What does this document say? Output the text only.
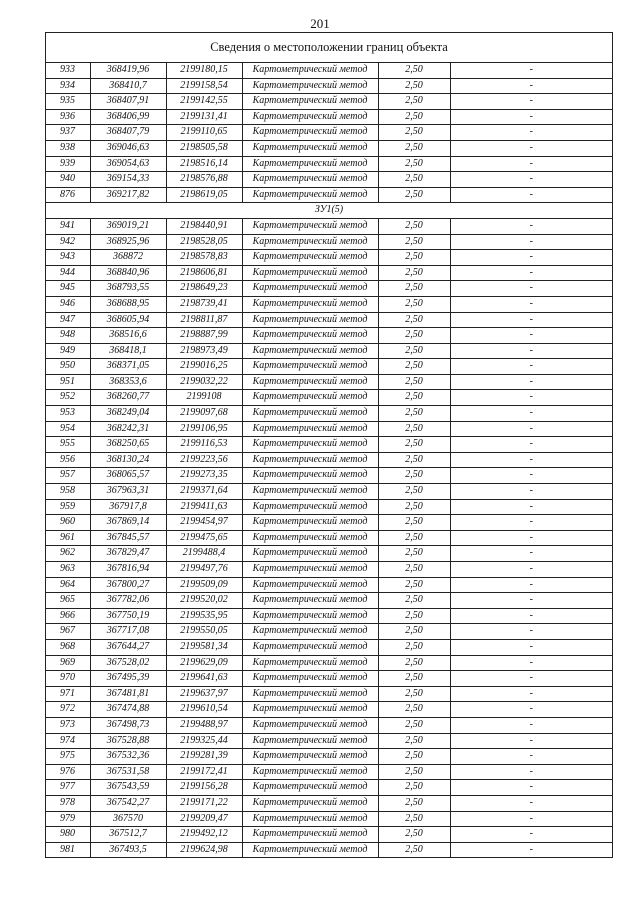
201
Сведения о местоположении границ объекта
933	368419,96	2199180,15	Картометрический метод	2,50	-
934	368410,7	2199158,54	Картометрический метод	2,50	-
935	368407,91	2199142,55	Картометрический метод	2,50	-
936	368406,99	2199131,41	Картометрический метод	2,50	-
937	368407,79	2199110,65	Картометрический метод	2,50	-
938	369046,63	2198505,58	Картометрический метод	2,50	-
939	369054,63	2198516,14	Картометрический метод	2,50	-
940	369154,33	2198576,88	Картометрический метод	2,50	-
876	369217,82	2198619,05	Картометрический метод	2,50	-
ЗУ1(5)					
941	369019,21	2198440,91	Картометрический метод	2,50	-
942	368925,96	2198528,05	Картометрический метод	2,50	-
943	368872	2198578,83	Картометрический метод	2,50	-
944	368840,96	2198606,81	Картометрический метод	2,50	-
945	368793,55	2198649,23	Картометрический метод	2,50	-
946	368688,95	2198739,41	Картометрический метод	2,50	-
947	368605,94	2198811,87	Картометрический метод	2,50	-
948	368516,6	2198887,99	Картометрический метод	2,50	-
949	368418,1	2198973,49	Картометрический метод	2,50	-
950	368371,05	2199016,25	Картометрический метод	2,50	-
951	368353,6	2199032,22	Картометрический метод	2,50	-
952	368260,77	2199108	Картометрический метод	2,50	-
953	368249,04	2199097,68	Картометрический метод	2,50	-
954	368242,31	2199106,95	Картометрический метод	2,50	-
955	368250,65	2199116,53	Картометрический метод	2,50	-
956	368130,24	2199223,56	Картометрический метод	2,50	-
957	368065,57	2199273,35	Картометрический метод	2,50	-
958	367963,31	2199371,64	Картометрический метод	2,50	-
959	367917,8	2199411,63	Картометрический метод	2,50	-
960	367869,14	2199454,97	Картометрический метод	2,50	-
961	367845,57	2199475,65	Картометрический метод	2,50	-
962	367829,47	2199488,4	Картометрический метод	2,50	-
963	367816,94	2199497,76	Картометрический метод	2,50	-
964	367800,27	2199509,09	Картометрический метод	2,50	-
965	367782,06	2199520,02	Картометрический метод	2,50	-
966	367750,19	2199535,95	Картометрический метод	2,50	-
967	367717,08	2199550,05	Картометрический метод	2,50	-
968	367644,27	2199581,34	Картометрический метод	2,50	-
969	367528,02	2199629,09	Картометрический метод	2,50	-
970	367495,39	2199641,63	Картометрический метод	2,50	-
971	367481,81	2199637,97	Картометрический метод	2,50	-
972	367474,88	2199610,54	Картометрический метод	2,50	-
973	367498,73	2199488,97	Картометрический метод	2,50	-
974	367528,88	2199325,44	Картометрический метод	2,50	-
975	367532,36	2199281,39	Картометрический метод	2,50	-
976	367531,58	2199172,41	Картометрический метод	2,50	-
977	367543,59	2199156,28	Картометрический метод	2,50	-
978	367542,27	2199171,22	Картометрический метод	2,50	-
979	367570	2199209,47	Картометрический метод	2,50	-
980	367512,7	2199492,12	Картометрический метод	2,50	-
981	367493,5	2199624,98	Картометрический метод	2,50	-
